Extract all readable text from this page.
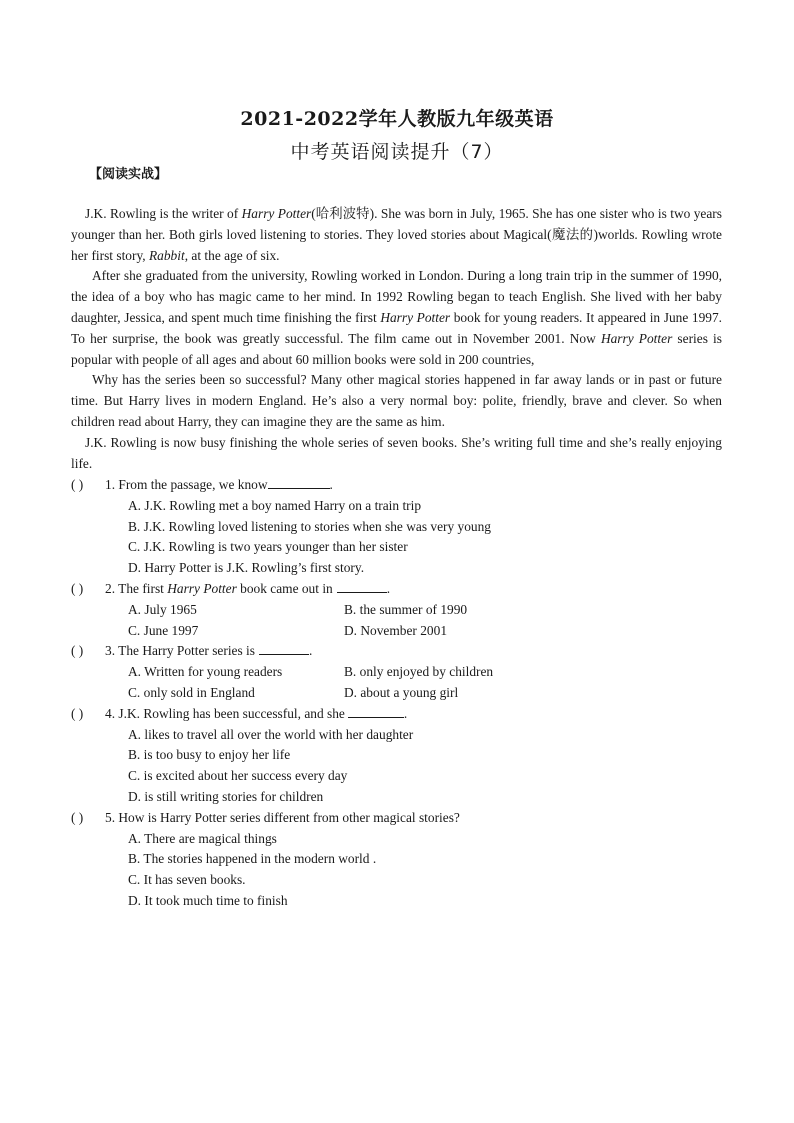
2021-2022学年人教版九年级英语
中考英语阅读提升（7）
【阅读实战】

J.K. Rowling is the writer of Harry Potter(哈利波特). She was born in July, 1965. She has one sister who is two years younger than her. Both girls loved listening to stories. They loved stories about Magical(魔法的)worlds. Rowling wrote her first story, Rabbit, at the age of six.

After she graduated from the university, Rowling worked in London. During a long train trip in the summer of 1990, the idea of a boy who has magic came to her mind. In 1992 Rowling began to teach English. She lived with her baby daughter, Jessica, and spent much time finishing the first Harry Potter book for young readers. It appeared in June 1997. To her surprise, the book was greatly successful. The film came out in November 2001. Now Harry Potter series is popular with people of all ages and about 60 million books were sold in 200 countries,

Why has the series been so successful? Many other magical stories happened in far away lands or in past or future time. But Harry lives in modern England. He’s also a very normal boy: polite, friendly, brave and clever. So when children read about Harry, they can imagine they are the same as him.

J.K. Rowling is now busy finishing the whole series of seven books. She’s writing full time and she’s really enjoying life.

( ) 1. From the passage, we know	.
A. J.K. Rowling met a boy named Harry on a train trip
B. J.K. Rowling loved listening to stories when she was very young
C. J.K. Rowling is two years younger than her sister
D. Harry Potter is J.K. Rowling’s first story.
( ) 2. The first Harry Potter book came out in	.
A. July 1965	B. the summer of 1990
C. June 1997	D. November 2001
( ) 3. The Harry Potter series is	.
A. Written for young readers	B. only enjoyed by children
C. only sold in England	D. about a young girl
( ) 4. J.K. Rowling has been successful, and she	.
A. likes to travel all over the world with her daughter
B. is too busy to enjoy her life
C. is excited about her success every day
D. is still writing stories for children
( ) 5. How is Harry Potter series different from other magical stories?
A. There are magical things
B. The stories happened in the modern world .
C. It has seven books.
D. It took much time to finish
